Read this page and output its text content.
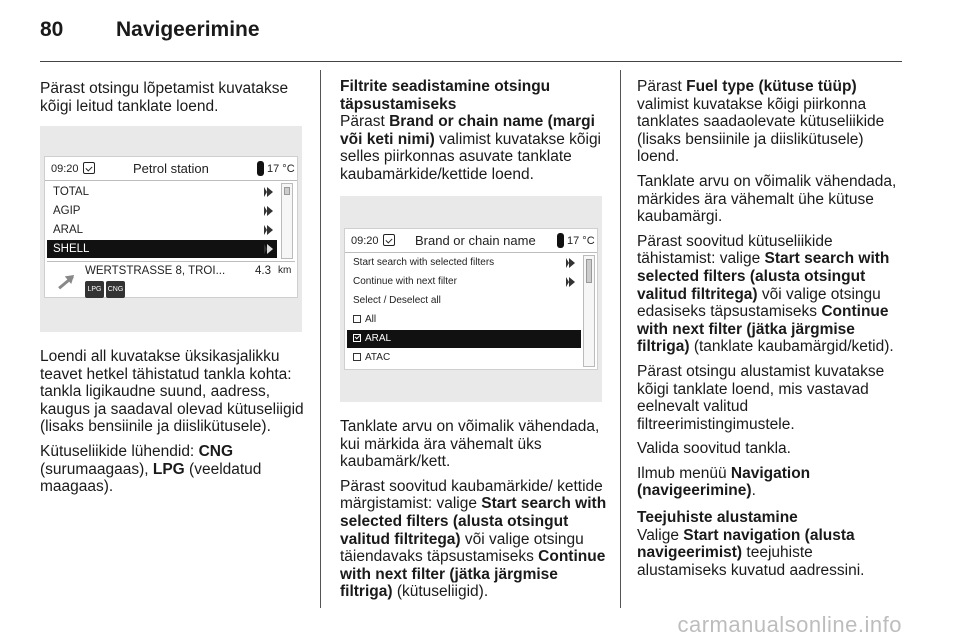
80	Navigeerimine

Pärast otsingu lõpetamist kuvatakse kõigi leitud tanklate loend.

09:20	Petrol station	17 °C
TOTAL
AGIP
ARAL
SHELL
WERTSTRASSE 8, TROI...	4.3 km
LPG CNG

Loendi all kuvatakse üksikasjalikku teavet hetkel tähistatud tankla kohta: tankla ligikaudne suund, aadress, kaugus ja saadaval olevad kütuseliigid (lisaks bensiinile ja diislikütusele).

Kütuseliikide lühendid: CNG (surumaagaas), LPG (veeldatud maagaas).

Filtrite seadistamine otsingu täpsustamiseks

Pärast Brand or chain name (margi või keti nimi) valimist kuvatakse kõigi selles piirkonnas asuvate tanklate kaubamärkide/kettide loend.

09:20	Brand or chain name	17 °C
Start search with selected filters
Continue with next filter
Select / Deselect all
All
ARAL
ATAC

Tanklate arvu on võimalik vähendada, kui märkida ära vähemalt üks kaubamärk/kett.

Pärast soovitud kaubamärkide/ kettide märgistamist: valige Start search with selected filters (alusta otsingut valitud filtritega) või valige otsingu täiendavaks täpsustamiseks Continue with next filter (jätka järgmise filtriga) (kütuseliigid).

Pärast Fuel type (kütuse tüüp) valimist kuvatakse kõigi piirkonna tanklates saadaolevate kütuseliikide (lisaks bensiinile ja diislikütusele) loend.

Tanklate arvu on võimalik vähendada, märkides ära vähemalt ühe kütuse kaubamärgi.

Pärast soovitud kütuseliikide tähistamist: valige Start search with selected filters (alusta otsingut valitud filtritega) või valige otsingu edasiseks täpsustamiseks Continue with next filter (jätka järgmise filtriga) (tanklate kaubamärgid/ketid).

Pärast otsingu alustamist kuvatakse kõigi tanklate loend, mis vastavad eelnevalt valitud filtreerimistingimustele.

Valida soovitud tankla.

Ilmub menüü Navigation (navigeerimine).

Teejuhiste alustamine

Valige Start navigation (alusta navigeerimist) teejuhiste alustamiseks kuvatud aadressini.

carmanualsonline.info
